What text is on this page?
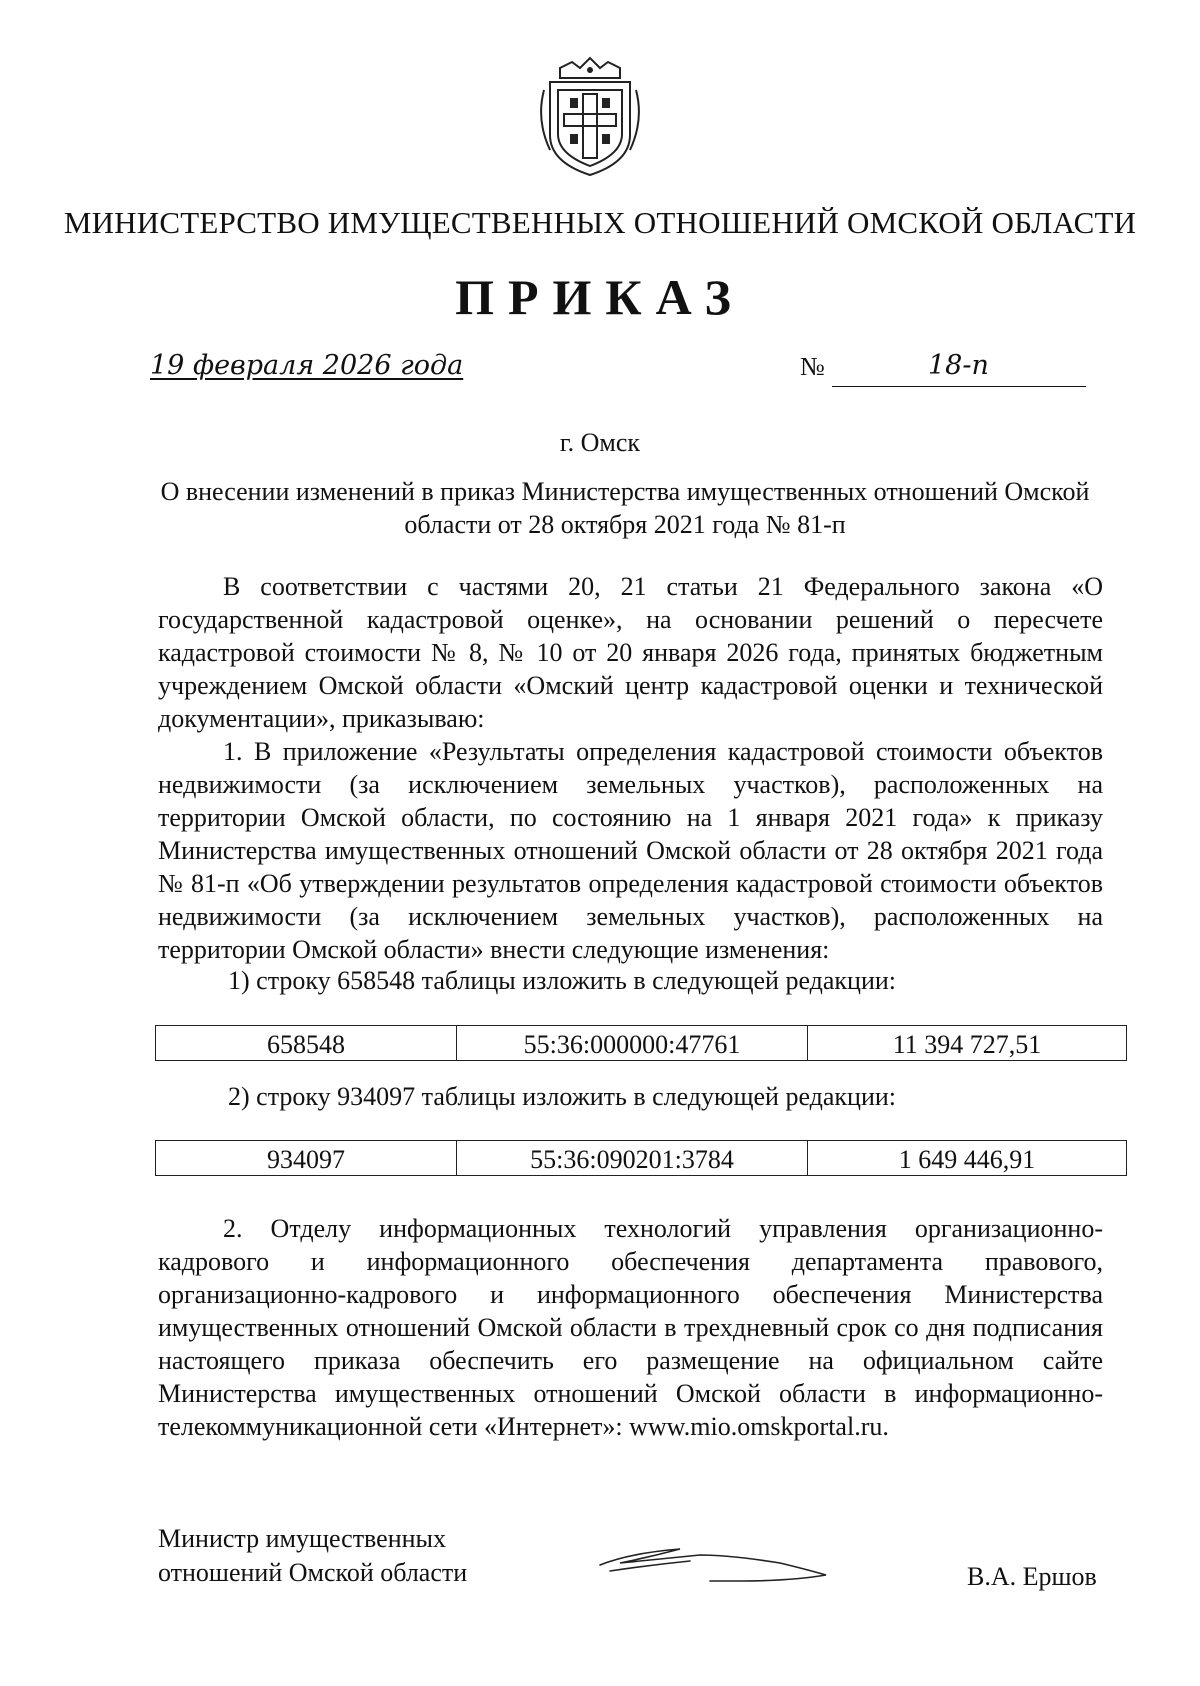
МИНИСТЕРСТВО ИМУЩЕСТВЕННЫХ ОТНОШЕНИЙ ОМСКОЙ ОБЛАСТИ
ПРИКАЗ
19 февраля 2026 года	№	18-п
г. Омск
О внесении изменений в приказ Министерства имущественных отношений Омской области от 28 октября 2021 года № 81-п
В соответствии с частями 20, 21 статьи 21 Федерального закона «О государственной кадастровой оценке», на основании решений о пересчете кадастровой стоимости № 8, № 10 от 20 января 2026 года, принятых бюджетным учреждением Омской области «Омский центр кадастровой оценки и технической документации», приказываю:
1. В приложение «Результаты определения кадастровой стоимости объектов недвижимости (за исключением земельных участков), расположенных на территории Омской области, по состоянию на 1 января 2021 года» к приказу Министерства имущественных отношений Омской области от 28 октября 2021 года № 81-п «Об утверждении результатов определения кадастровой стоимости объектов недвижимости (за исключением земельных участков), расположенных на территории Омской области» внести следующие изменения:
1) строку 658548 таблицы изложить в следующей редакции:
658548	55:36:000000:47761	11 394 727,51
2) строку 934097 таблицы изложить в следующей редакции:
934097	55:36:090201:3784	1 649 446,91
2. Отделу информационных технологий управления организационно-кадрового и информационного обеспечения департамента правового, организационно-кадрового и информационного обеспечения Министерства имущественных отношений Омской области в трехдневный срок со дня подписания настоящего приказа обеспечить его размещение на официальном сайте Министерства имущественных отношений Омской области в информационно-телекоммуникационной сети «Интернет»: www.mio.omskportal.ru.
Министр имущественных
отношений Омской области	В.А. Ершов
